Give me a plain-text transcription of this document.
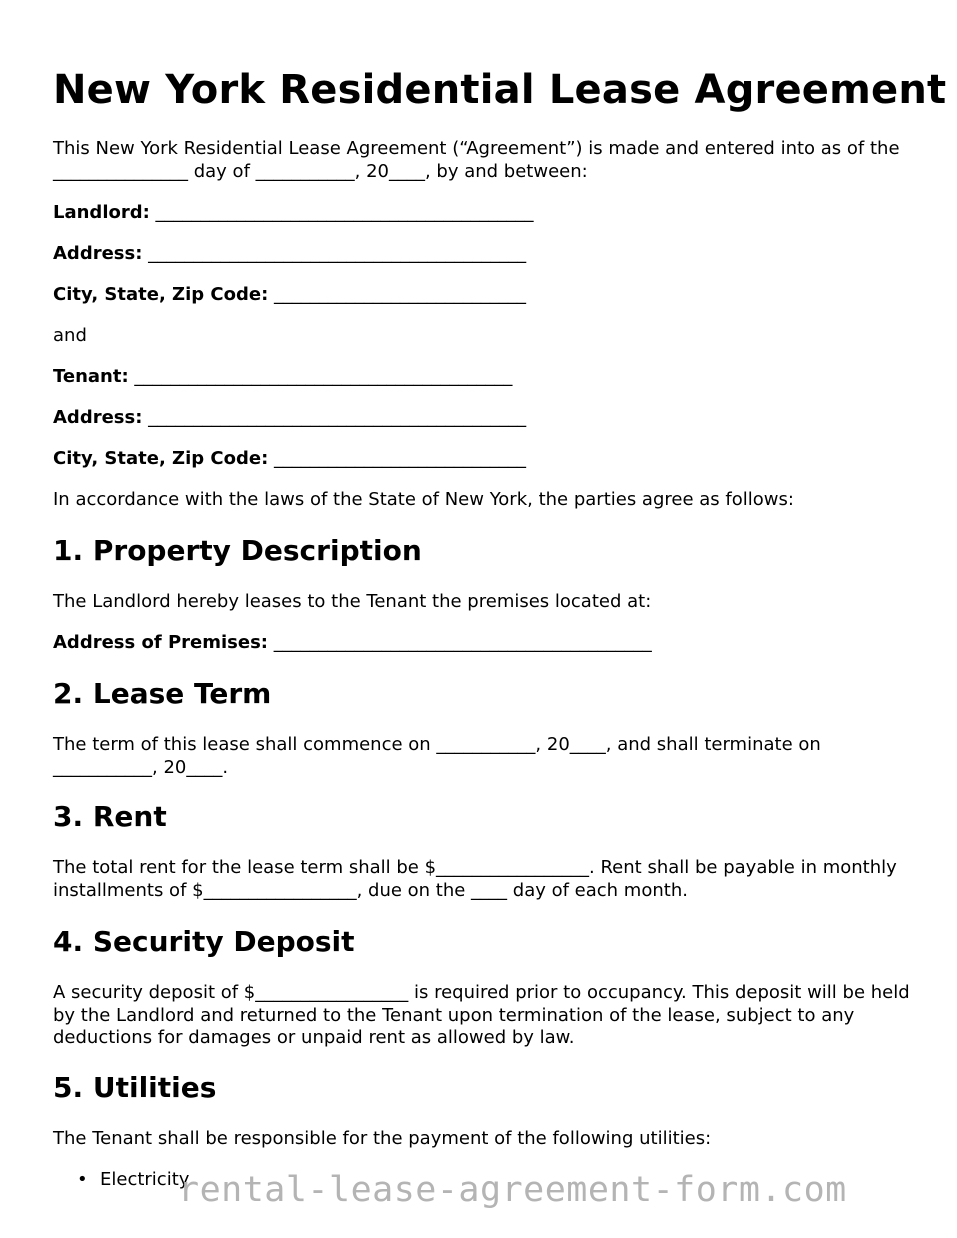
New York Residential Lease Agreement

This New York Residential Lease Agreement (“Agreement”) is made and entered into as of the _______________ day of ___________, 20____, by and between:

Landlord: __________________________________________
Address: __________________________________________
City, State, Zip Code: ____________________________
and
Tenant: __________________________________________
Address: __________________________________________
City, State, Zip Code: ____________________________
In accordance with the laws of the State of New York, the parties agree as follows:
1. Property Description
The Landlord hereby leases to the Tenant the premises located at:
Address of Premises: __________________________________________
2. Lease Term

The term of this lease shall commence on ___________, 20____, and shall terminate on ___________, 20____.

3. Rent

The total rent for the lease term shall be $_________________. Rent shall be payable in monthly installments of $_________________, due on the ____ day of each month.

4. Security Deposit

A security deposit of $_________________ is required prior to occupancy. This deposit will be held by the Landlord and returned to the Tenant upon termination of the lease, subject to any deductions for damages or unpaid rent as allowed by law.

5. Utilities
The Tenant shall be responsible for the payment of the following utilities:
• Electricity
rental-lease-agreement-form.com
